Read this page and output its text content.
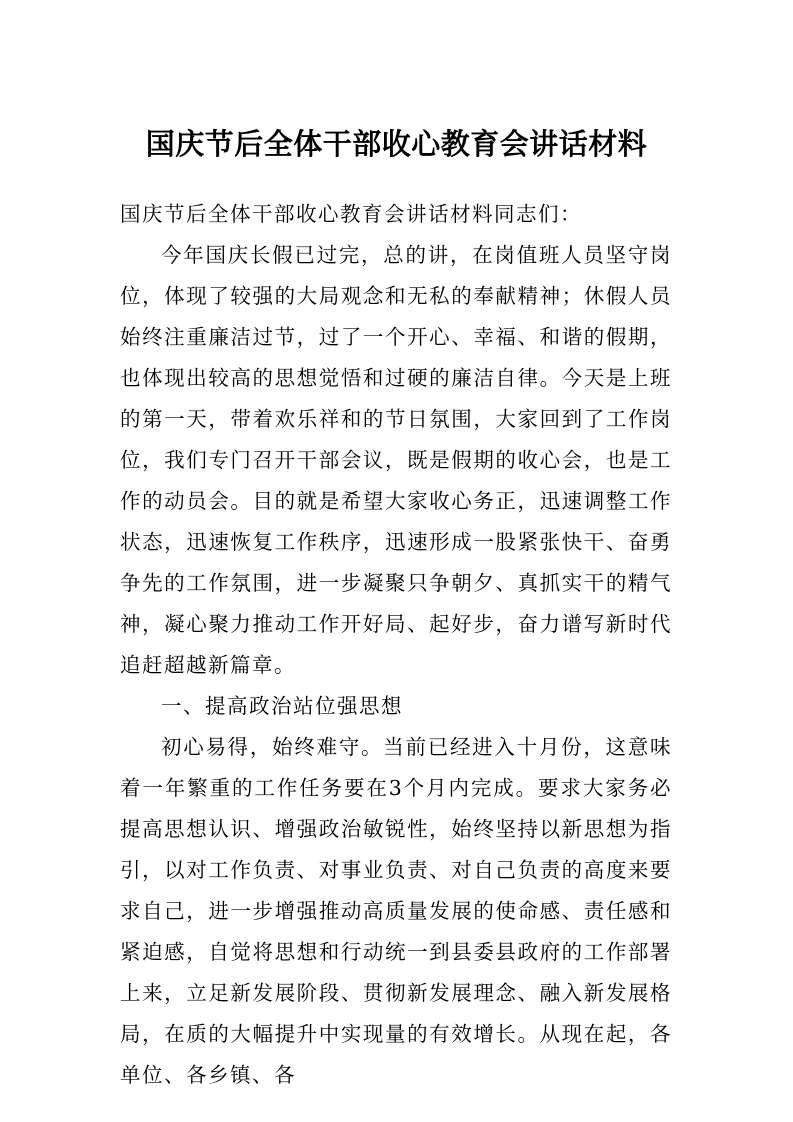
国庆节后全体干部收心教育会讲话材料

国庆节后全体干部收心教育会讲话材料同志们：

今年国庆长假已过完，总的讲，在岗值班人员坚守岗位，体现了较强的大局观念和无私的奉献精神；休假人员始终注重廉洁过节，过了一个开心、幸福、和谐的假期，也体现出较高的思想觉悟和过硬的廉洁自律。今天是上班的第一天，带着欢乐祥和的节日氛围，大家回到了工作岗位，我们专门召开干部会议，既是假期的收心会，也是工作的动员会。目的就是希望大家收心务正，迅速调整工作状态，迅速恢复工作秩序，迅速形成一股紧张快干、奋勇争先的工作氛围，进一步凝聚只争朝夕、真抓实干的精气神，凝心聚力推动工作开好局、起好步，奋力谱写新时代追赶超越新篇章。

一、提高政治站位强思想

初心易得，始终难守。当前已经进入十月份，这意味着一年繁重的工作任务要在3个月内完成。要求大家务必提高思想认识、增强政治敏锐性，始终坚持以新思想为指引，以对工作负责、对事业负责、对自己负责的高度来要求自己，进一步增强推动高质量发展的使命感、责任感和紧迫感，自觉将思想和行动统一到县委县政府的工作部署上来，立足新发展阶段、贯彻新发展理念、融入新发展格局，在质的大幅提升中实现量的有效增长。从现在起，各单位、各乡镇、各
